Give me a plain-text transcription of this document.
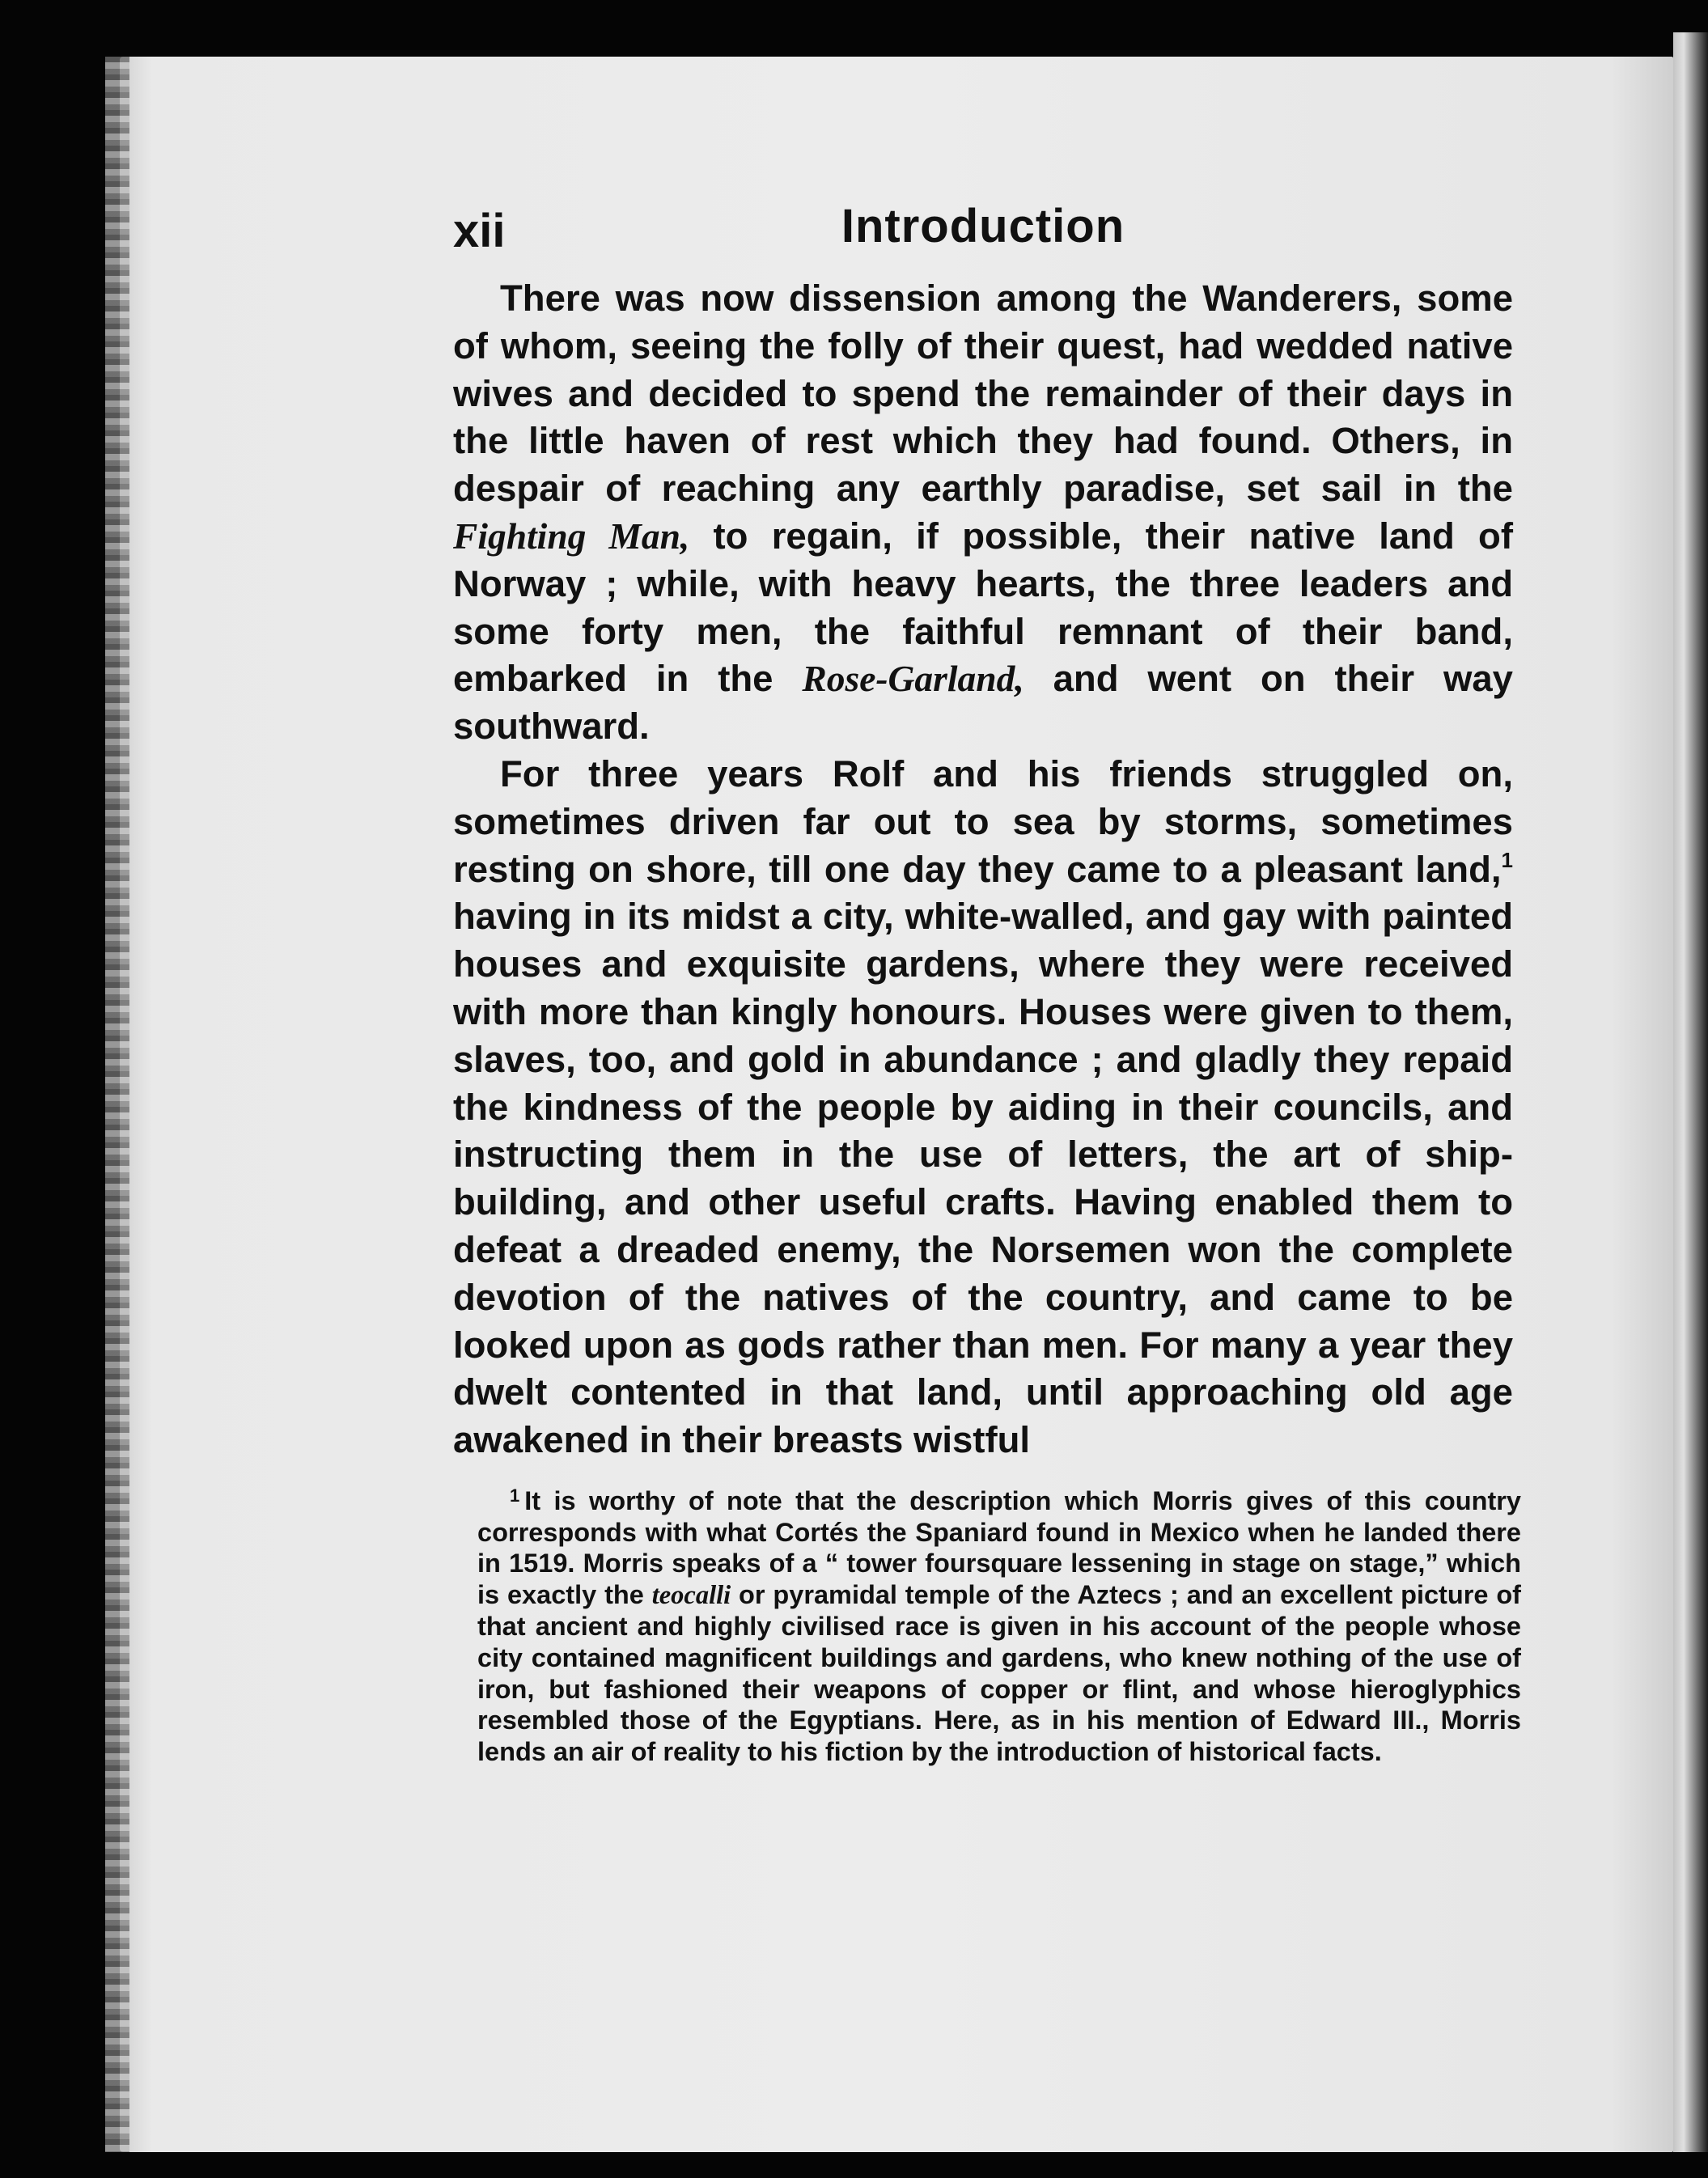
xii	Introduction

There was now dissension among the Wanderers, some of whom, seeing the folly of their quest, had wedded native wives and decided to spend the remainder of their days in the little haven of rest which they had found. Others, in despair of reaching any earthly paradise, set sail in the Fighting Man, to regain, if possible, their native land of Norway ; while, with heavy hearts, the three leaders and some forty men, the faithful remnant of their band, embarked in the Rose-Garland, and went on their way southward.

For three years Rolf and his friends struggled on, sometimes driven far out to sea by storms, sometimes resting on shore, till one day they came to a pleasant land,$^1$ having in its midst a city, white-walled, and gay with painted houses and exquisite gardens, where they were received with more than kingly honours. Houses were given to them, slaves, too, and gold in abundance ; and gladly they repaid the kindness of the people by aiding in their councils, and instructing them in the use of letters, the art of ship-building, and other useful crafts. Having enabled them to defeat a dreaded enemy, the Norsemen won the complete devotion of the natives of the country, and came to be looked upon as gods rather than men. For many a year they dwelt contented in that land, until approaching old age awakened in their breasts wistful

$^1$ It is worthy of note that the description which Morris gives of this country corresponds with what Cortés the Spaniard found in Mexico when he landed there in 1519. Morris speaks of a “ tower foursquare lessening in stage on stage,” which is exactly the teocalli or pyramidal temple of the Aztecs ; and an excellent picture of that ancient and highly civilised race is given in his account of the people whose city contained magnificent buildings and gardens, who knew nothing of the use of iron, but fashioned their weapons of copper or flint, and whose hieroglyphics resembled those of the Egyptians. Here, as in his mention of Edward III., Morris lends an air of reality to his fiction by the introduction of historical facts.
